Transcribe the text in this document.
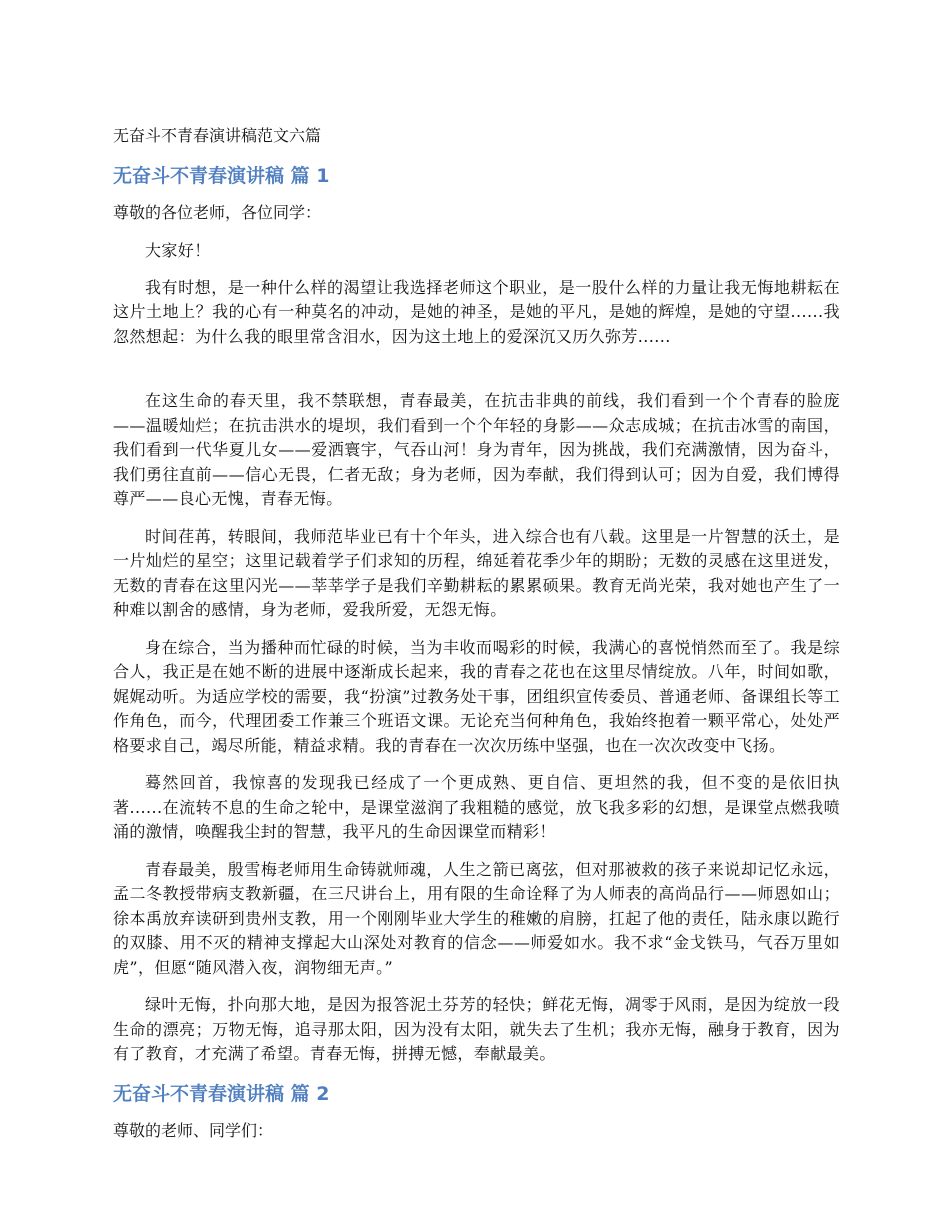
无奋斗不青春演讲稿范文六篇
无奋斗不青春演讲稿 篇 1
尊敬的各位老师，各位同学：

大家好！

我有时想，是一种什么样的渴望让我选择老师这个职业，是一股什么样的力量让我无悔地耕耘在这片土地上？我的心有一种莫名的冲动，是她的神圣，是她的平凡，是她的辉煌，是她的守望......我忽然想起：为什么我的眼里常含泪水，因为这土地上的爱深沉又历久弥芳......

在这生命的春天里，我不禁联想，青春最美，在抗击非典的前线，我们看到一个个青春的脸庞——温暖灿烂；在抗击洪水的堤坝，我们看到一个个年轻的身影——众志成城；在抗击冰雪的南国，我们看到一代华夏儿女——爱洒寰宇，气吞山河！身为青年，因为挑战，我们充满激情，因为奋斗，我们勇往直前——信心无畏，仁者无敌；身为老师，因为奉献，我们得到认可；因为自爱，我们博得尊严——良心无愧，青春无悔。

时间荏苒，转眼间，我师范毕业已有十个年头，进入综合也有八载。这里是一片智慧的沃土，是一片灿烂的星空；这里记载着学子们求知的历程，绵延着花季少年的期盼；无数的灵感在这里迸发，无数的青春在这里闪光——莘莘学子是我们辛勤耕耘的累累硕果。教育无尚光荣，我对她也产生了一种难以割舍的感情，身为老师，爱我所爱，无怨无悔。

身在综合，当为播种而忙碌的时候，当为丰收而喝彩的时候，我满心的喜悦悄然而至了。我是综合人，我正是在她不断的进展中逐渐成长起来，我的青春之花也在这里尽情绽放。八年，时间如歌，娓娓动听。为适应学校的需要，我“扮演”过教务处干事，团组织宣传委员、普通老师、备课组长等工作角色，而今，代理团委工作兼三个班语文课。无论充当何种角色，我始终抱着一颗平常心，处处严格要求自己，竭尽所能，精益求精。我的青春在一次次历练中坚强，也在一次次改变中飞扬。

蓦然回首，我惊喜的发现我已经成了一个更成熟、更自信、更坦然的我，但不变的是依旧执著......在流转不息的生命之轮中，是课堂滋润了我粗糙的感觉，放飞我多彩的幻想，是课堂点燃我喷涌的激情，唤醒我尘封的智慧，我平凡的生命因课堂而精彩！

青春最美，殷雪梅老师用生命铸就师魂，人生之箭已离弦，但对那被救的孩子来说却记忆永远，孟二冬教授带病支教新疆，在三尺讲台上，用有限的生命诠释了为人师表的高尚品行——师恩如山；徐本禹放弃读研到贵州支教，用一个刚刚毕业大学生的稚嫩的肩膀，扛起了他的责任，陆永康以跪行的双膝、用不灭的精神支撑起大山深处对教育的信念——师爱如水。我不求“金戈铁马，气吞万里如虎”，但愿“随风潜入夜，润物细无声。”

绿叶无悔，扑向那大地，是因为报答泥土芬芳的轻快；鲜花无悔，凋零于风雨，是因为绽放一段生命的漂亮；万物无悔，追寻那太阳，因为没有太阳，就失去了生机；我亦无悔，融身于教育，因为有了教育，才充满了希望。青春无悔，拼搏无憾，奉献最美。

无奋斗不青春演讲稿 篇 2
尊敬的老师、同学们：
